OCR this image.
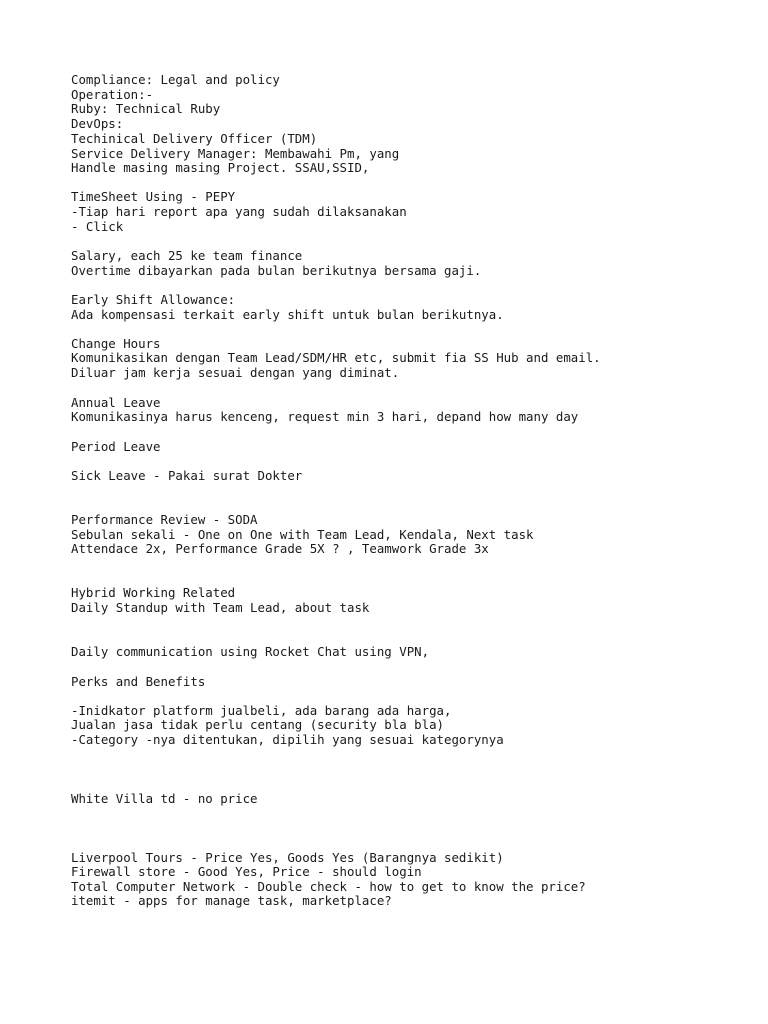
Compliance: Legal and policy

Operation:-

Ruby: Technical Ruby

DevOps:

Techinical Delivery Officer (TDM)

Service Delivery Manager: Membawahi Pm, yang

Handle masing masing Project. SSAU,SSID,

TimeSheet Using - PEPY

-Tiap hari report apa yang sudah dilaksanakan

- Click

Salary, each 25 ke team finance

Overtime dibayarkan pada bulan berikutnya bersama gaji.

Early Shift Allowance:

Ada kompensasi terkait early shift untuk bulan berikutnya.

Change Hours

Komunikasikan dengan Team Lead/SDM/HR etc, submit fia SS Hub and email.

Diluar jam kerja sesuai dengan yang diminat.

Annual Leave

Komunikasinya harus kenceng, request min 3 hari, depand how many day

Period Leave

Sick Leave - Pakai surat Dokter

Performance Review - SODA

Sebulan sekali - One on One with Team Lead, Kendala, Next task

Attendace 2x, Performance Grade 5X ? , Teamwork Grade 3x

Hybrid Working Related

Daily Standup with Team Lead, about task

Daily communication using Rocket Chat using VPN,

Perks and Benefits

-Inidkator platform jualbeli, ada barang ada harga,

Jualan jasa tidak perlu centang (security bla bla)

-Category -nya ditentukan, dipilih yang sesuai kategorynya

White Villa td - no price

Liverpool Tours - Price Yes, Goods Yes (Barangnya sedikit)

Firewall store - Good Yes, Price - should login

Total Computer Network - Double check - how to get to know the price?

itemit - apps for manage task, marketplace?
